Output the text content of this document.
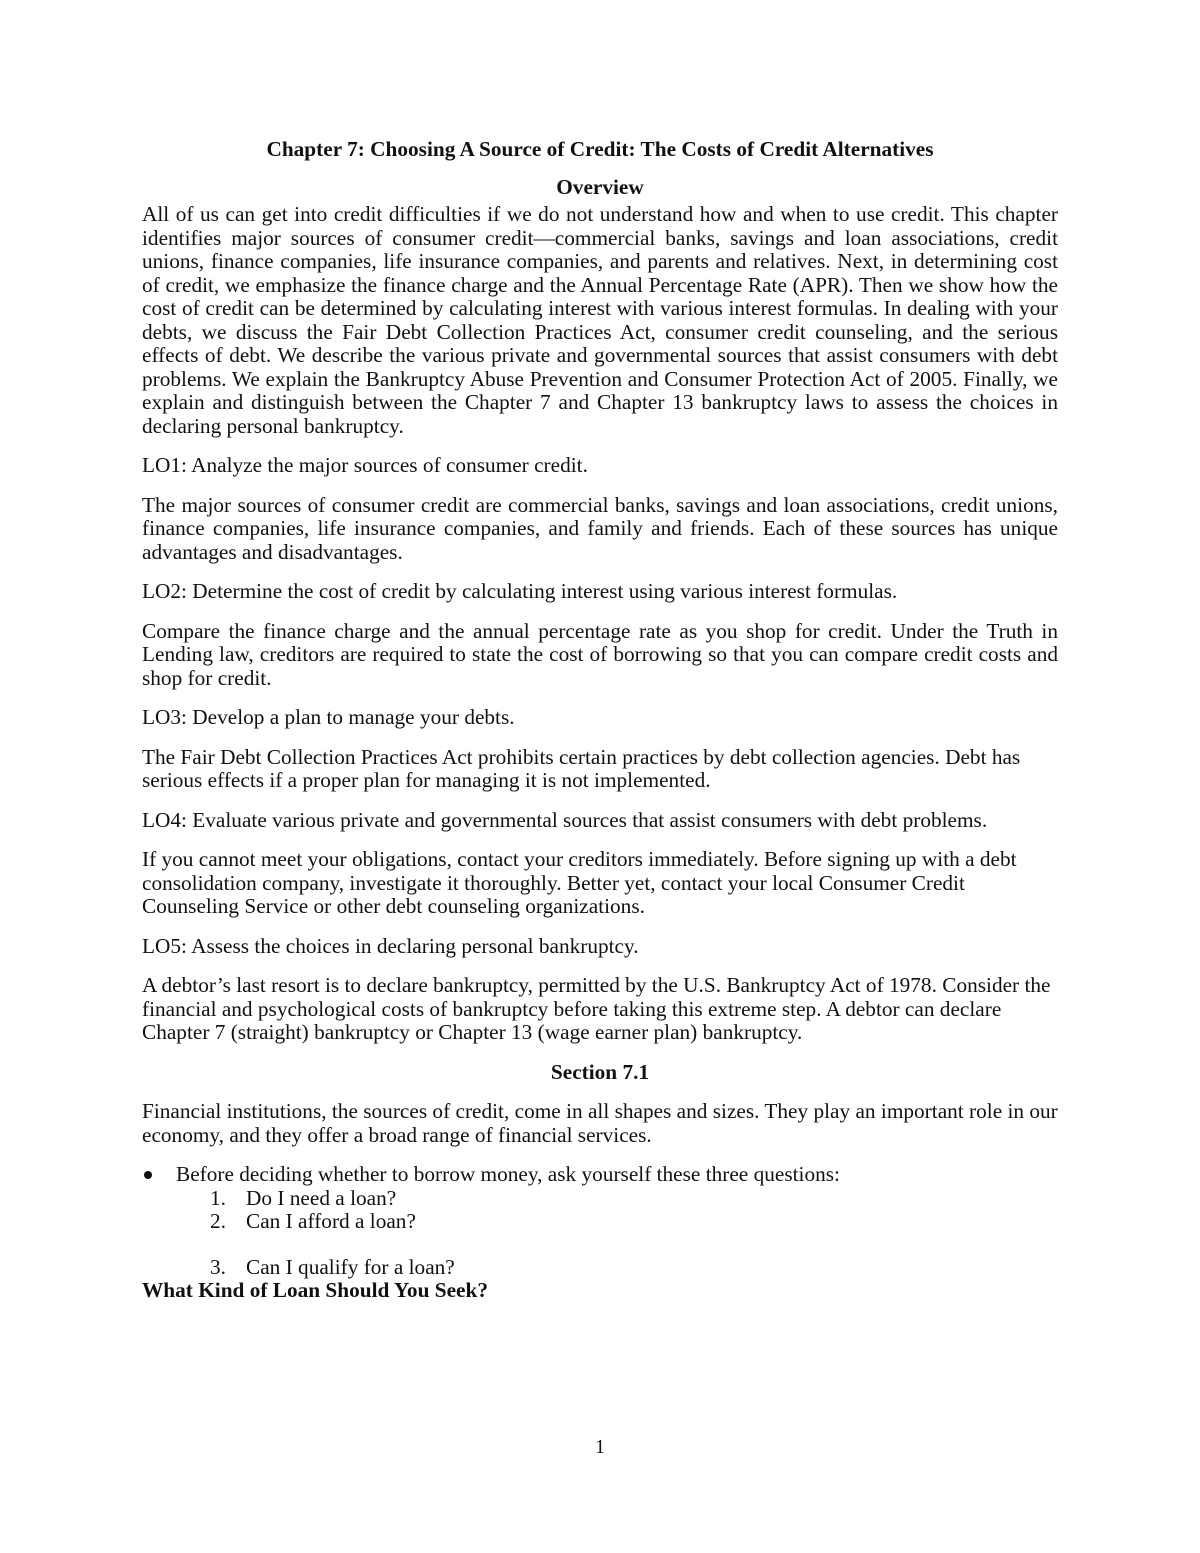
Chapter 7: Choosing A Source of Credit: The Costs of Credit Alternatives
Overview

All of us can get into credit difficulties if we do not understand how and when to use credit. This chapter identifies major sources of consumer credit—commercial banks, savings and loan associations, credit unions, finance companies, life insurance companies, and parents and relatives. Next, in determining cost of credit, we emphasize the finance charge and the Annual Percentage Rate (APR). Then we show how the cost of credit can be determined by calculating interest with various interest formulas. In dealing with your debts, we discuss the Fair Debt Collection Practices Act, consumer credit counseling, and the serious effects of debt. We describe the various private and governmental sources that assist consumers with debt problems. We explain the Bankruptcy Abuse Prevention and Consumer Protection Act of 2005. Finally, we explain and distinguish between the Chapter 7 and Chapter 13 bankruptcy laws to assess the choices in declaring personal bankruptcy.

LO1: Analyze the major sources of consumer credit.

The major sources of consumer credit are commercial banks, savings and loan associations, credit unions, finance companies, life insurance companies, and family and friends. Each of these sources has unique advantages and disadvantages.

LO2: Determine the cost of credit by calculating interest using various interest formulas.

Compare the finance charge and the annual percentage rate as you shop for credit. Under the Truth in Lending law, creditors are required to state the cost of borrowing so that you can compare credit costs and shop for credit.

LO3: Develop a plan to manage your debts.

The Fair Debt Collection Practices Act prohibits certain practices by debt collection agencies. Debt has serious effects if a proper plan for managing it is not implemented.

LO4: Evaluate various private and governmental sources that assist consumers with debt problems.

If you cannot meet your obligations, contact your creditors immediately. Before signing up with a debt consolidation company, investigate it thoroughly. Better yet, contact your local Consumer Credit Counseling Service or other debt counseling organizations.

LO5: Assess the choices in declaring personal bankruptcy.

A debtor’s last resort is to declare bankruptcy, permitted by the U.S. Bankruptcy Act of 1978. Consider the financial and psychological costs of bankruptcy before taking this extreme step. A debtor can declare Chapter 7 (straight) bankruptcy or Chapter 13 (wage earner plan) bankruptcy.

Section 7.1

Financial institutions, the sources of credit, come in all shapes and sizes. They play an important role in our economy, and they offer a broad range of financial services.

Before deciding whether to borrow money, ask yourself these three questions:
1. Do I need a loan?
2. Can I afford a loan?
3. Can I qualify for a loan?
What Kind of Loan Should You Seek?
1
